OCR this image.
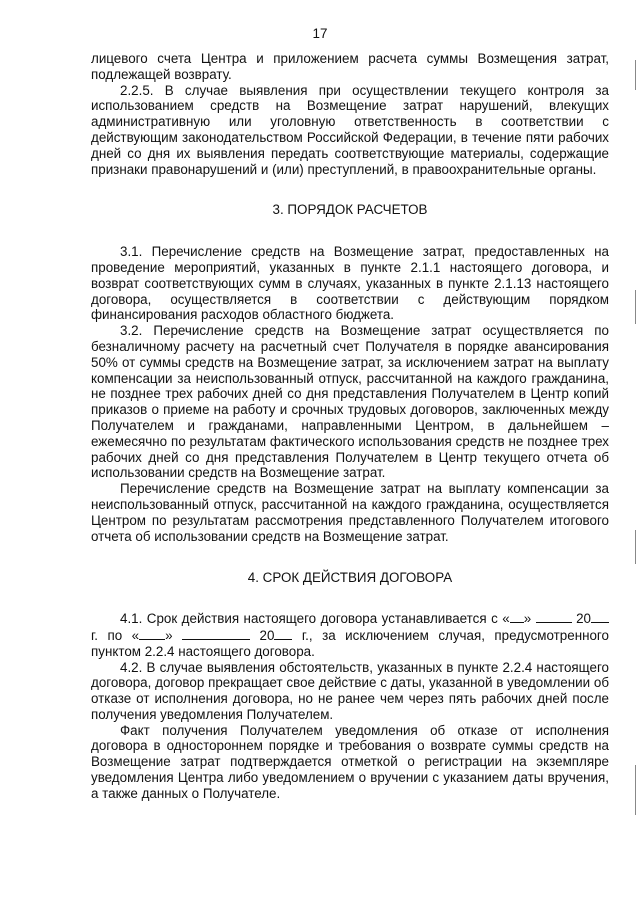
17

лицевого счета Центра и приложением расчета суммы Возмещения затрат, подлежащей возврату.

2.2.5. В случае выявления при осуществлении текущего контроля за использованием средств на Возмещение затрат нарушений, влекущих административную или уголовную ответственность в соответствии с действующим законодательством Российской Федерации, в течение пяти рабочих дней со дня их выявления передать соответствующие материалы, содержащие признаки правонарушений и (или) преступлений, в правоохранительные органы.

3. ПОРЯДОК РАСЧЕТОВ

3.1. Перечисление средств на Возмещение затрат, предоставленных на проведение мероприятий, указанных в пункте 2.1.1 настоящего договора, и возврат соответствующих сумм в случаях, указанных в пункте 2.1.13 настоящего договора, осуществляется в соответствии с действующим порядком финансирования расходов областного бюджета.

3.2. Перечисление средств на Возмещение затрат осуществляется по безналичному расчету на расчетный счет Получателя в порядке авансирования 50% от суммы средств на Возмещение затрат, за исключением затрат на выплату компенсации за неиспользованный отпуск, рассчитанной на каждого гражданина, не позднее трех рабочих дней со дня представления Получателем в Центр копий приказов о приеме на работу и срочных трудовых договоров, заключенных между Получателем и гражданами, направленными Центром, в дальнейшем – ежемесячно по результатам фактического использования средств не позднее трех рабочих дней со дня представления Получателем в Центр текущего отчета об использовании средств на Возмещение затрат.

Перечисление средств на Возмещение затрат на выплату компенсации за неиспользованный отпуск, рассчитанной на каждого гражданина, осуществляется Центром по результатам рассмотрения представленного Получателем итогового отчета об использовании средств на Возмещение затрат.

4. СРОК ДЕЙСТВИЯ ДОГОВОРА

4.1. Срок действия настоящего договора устанавливается с « »	20 г. по « »	20 г., за исключением случая, предусмотренного пунктом 2.2.4 настоящего договора.

4.2. В случае выявления обстоятельств, указанных в пункте 2.2.4 настоящего договора, договор прекращает свое действие с даты, указанной в уведомлении об отказе от исполнения договора, но не ранее чем через пять рабочих дней после получения уведомления Получателем.

Факт получения Получателем уведомления об отказе от исполнения договора в одностороннем порядке и требования о возврате суммы средств на Возмещение затрат подтверждается отметкой о регистрации на экземпляре уведомления Центра либо уведомлением о вручении с указанием даты вручения, а также данных о Получателе.
